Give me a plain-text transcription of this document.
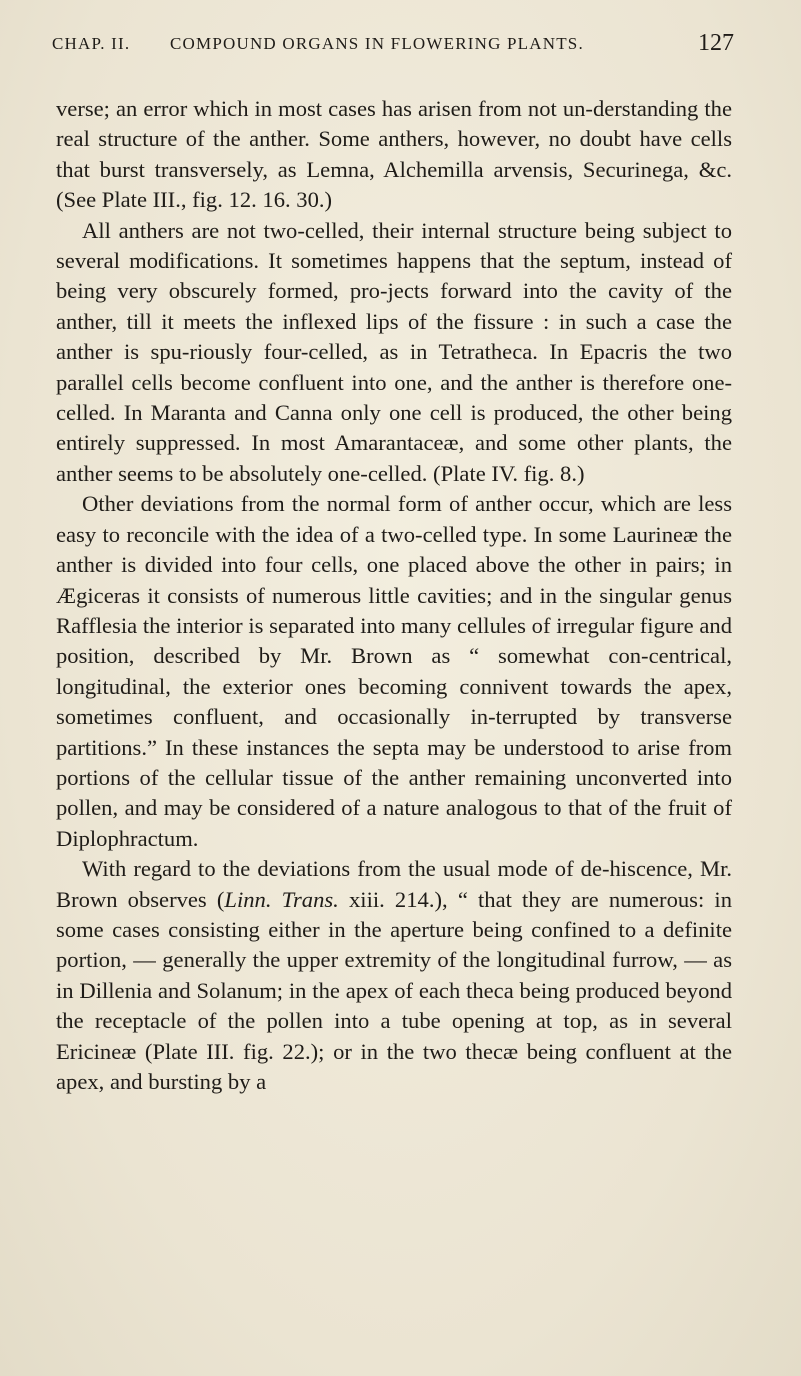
CHAP. II. COMPOUND ORGANS IN FLOWERING PLANTS.	127

verse; an error which in most cases has arisen from not un-derstanding the real structure of the anther. Some anthers, however, no doubt have cells that burst transversely, as Lemna, Alchemilla arvensis, Securinega, &c. (See Plate III., fig. 12. 16. 30.)

All anthers are not two-celled, their internal structure being subject to several modifications. It sometimes happens that the septum, instead of being very obscurely formed, pro-jects forward into the cavity of the anther, till it meets the inflexed lips of the fissure : in such a case the anther is spu-riously four-celled, as in Tetratheca. In Epacris the two parallel cells become confluent into one, and the anther is therefore one-celled. In Maranta and Canna only one cell is produced, the other being entirely suppressed. In most Amarantaceæ, and some other plants, the anther seems to be absolutely one-celled. (Plate IV. fig. 8.)

Other deviations from the normal form of anther occur, which are less easy to reconcile with the idea of a two-celled type. In some Laurineæ the anther is divided into four cells, one placed above the other in pairs; in Ægiceras it consists of numerous little cavities; and in the singular genus Rafflesia the interior is separated into many cellules of irregular figure and position, described by Mr. Brown as “ somewhat con-centrical, longitudinal, the exterior ones becoming connivent towards the apex, sometimes confluent, and occasionally in-terrupted by transverse partitions.” In these instances the septa may be understood to arise from portions of the cellular tissue of the anther remaining unconverted into pollen, and may be considered of a nature analogous to that of the fruit of Diplophractum.

With regard to the deviations from the usual mode of de-hiscence, Mr. Brown observes (Linn. Trans. xiii. 214.), “ that they are numerous: in some cases consisting either in the aperture being confined to a definite portion, — generally the upper extremity of the longitudinal furrow, — as in Dillenia and Solanum; in the apex of each theca being produced beyond the receptacle of the pollen into a tube opening at top, as in several Ericineæ (Plate III. fig. 22.); or in the two thecæ being confluent at the apex, and bursting by a
